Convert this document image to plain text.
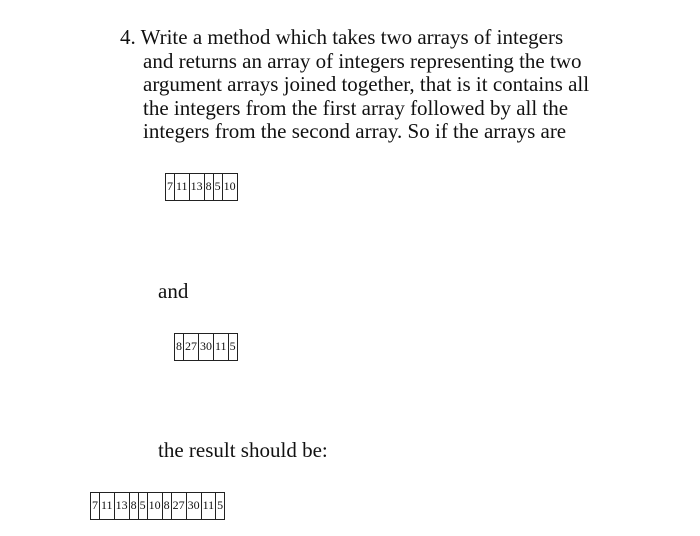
4. Write a method which takes two arrays of integers
and returns an array of integers representing the two
argument arrays joined together, that is it contains all
the integers from the first array followed by all the
integers from the second array. So if the arrays are
7 11 13 8 5 10
and
8 27 30 11 5
the result should be:
7 11 13 8 5 10 8 27 30 11 5
